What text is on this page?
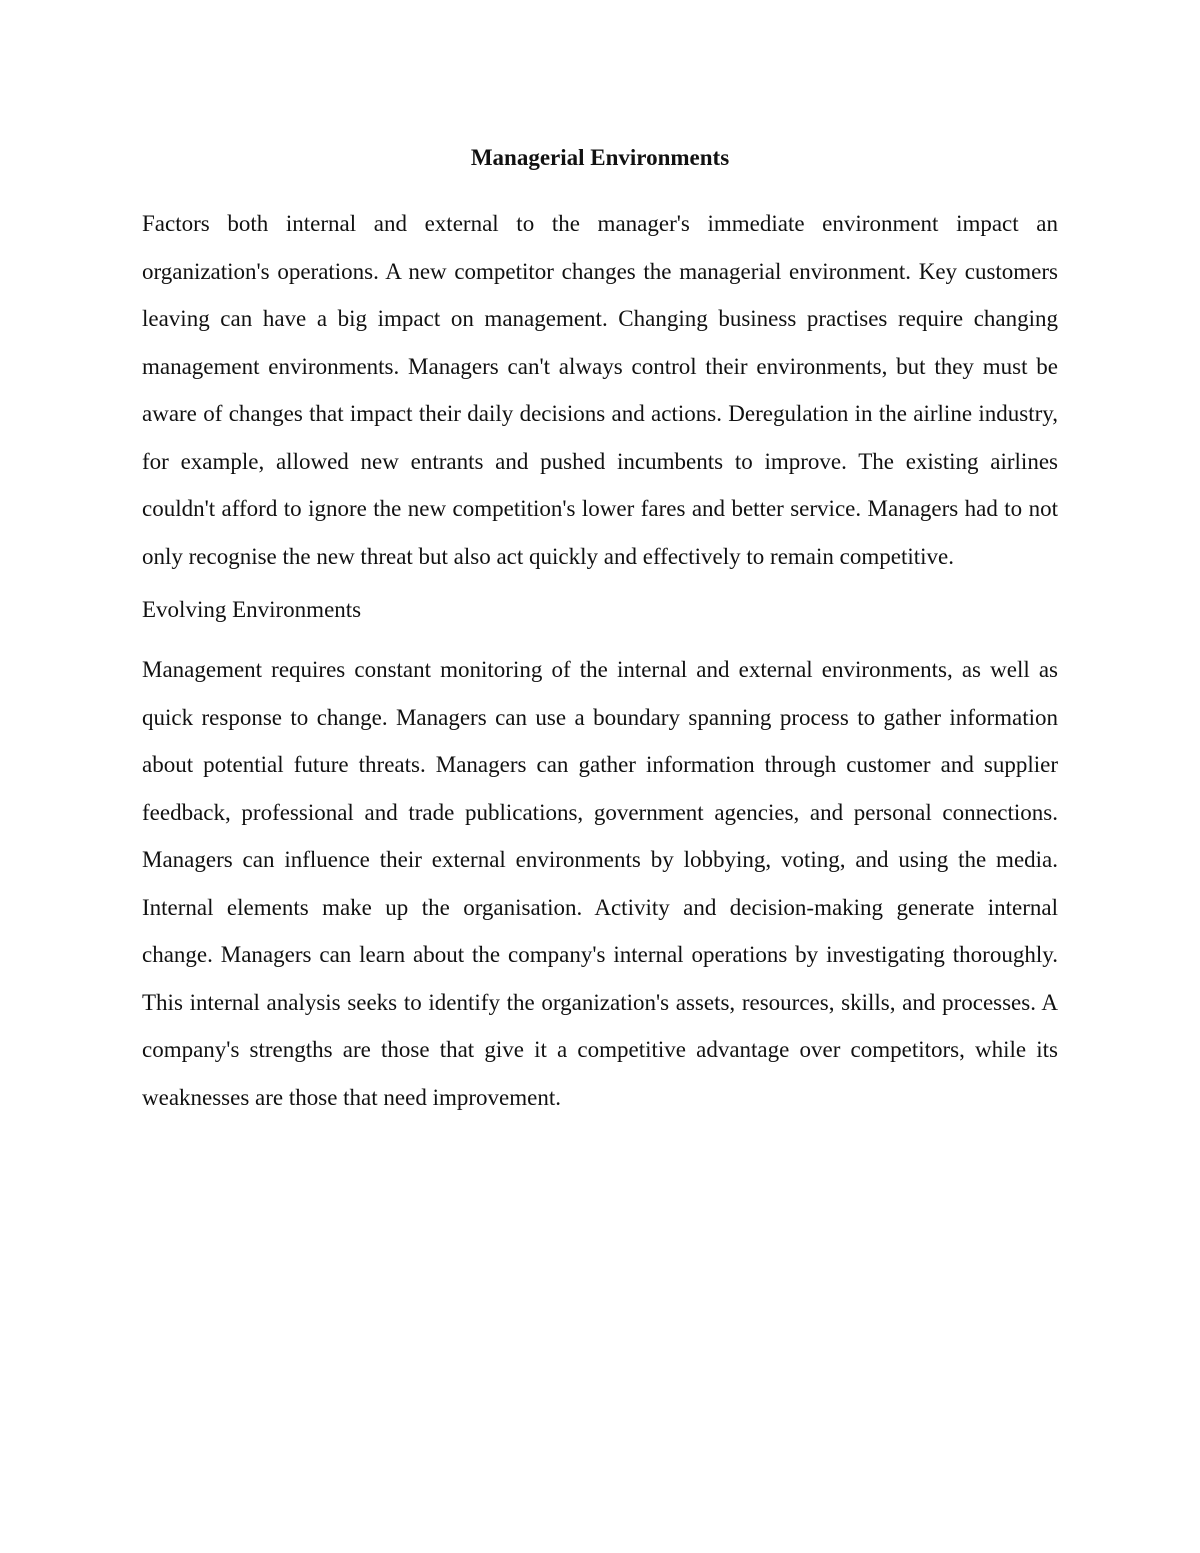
Managerial Environments

Factors both internal and external to the manager's immediate environment impact an organization's operations. A new competitor changes the managerial environment. Key customers leaving can have a big impact on management. Changing business practises require changing management environments. Managers can't always control their environments, but they must be aware of changes that impact their daily decisions and actions. Deregulation in the airline industry, for example, allowed new entrants and pushed incumbents to improve. The existing airlines couldn't afford to ignore the new competition's lower fares and better service. Managers had to not only recognise the new threat but also act quickly and effectively to remain competitive.

Evolving Environments

Management requires constant monitoring of the internal and external environments, as well as quick response to change. Managers can use a boundary spanning process to gather information about potential future threats. Managers can gather information through customer and supplier feedback, professional and trade publications, government agencies, and personal connections. Managers can influence their external environments by lobbying, voting, and using the media. Internal elements make up the organisation. Activity and decision-making generate internal change. Managers can learn about the company's internal operations by investigating thoroughly. This internal analysis seeks to identify the organization's assets, resources, skills, and processes. A company's strengths are those that give it a competitive advantage over competitors, while its weaknesses are those that need improvement.
